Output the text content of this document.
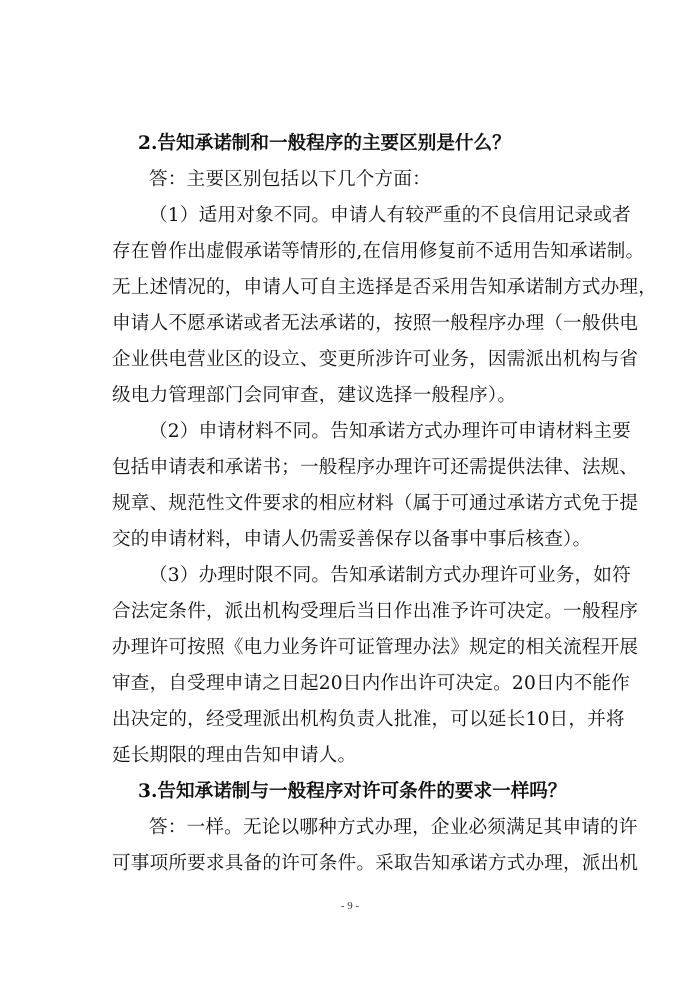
2.告知承诺制和一般程序的主要区别是什么？
答：主要区别包括以下几个方面：
（1）适用对象不同。申请人有较严重的不良信用记录或者
存在曾作出虚假承诺等情形的,在信用修复前不适用告知承诺制。
无上述情况的，申请人可自主选择是否采用告知承诺制方式办理，
申请人不愿承诺或者无法承诺的，按照一般程序办理（一般供电
企业供电营业区的设立、变更所涉许可业务，因需派出机构与省
级电力管理部门会同审查，建议选择一般程序）。
（2）申请材料不同。告知承诺方式办理许可申请材料主要
包括申请表和承诺书；一般程序办理许可还需提供法律、法规、
规章、规范性文件要求的相应材料（属于可通过承诺方式免于提
交的申请材料，申请人仍需妥善保存以备事中事后核查）。
（3）办理时限不同。告知承诺制方式办理许可业务，如符
合法定条件，派出机构受理后当日作出准予许可决定。一般程序
办理许可按照《电力业务许可证管理办法》规定的相关流程开展
审查，自受理申请之日起20日内作出许可决定。20日内不能作
出决定的，经受理派出机构负责人批准，可以延长10日，并将
延长期限的理由告知申请人。
3.告知承诺制与一般程序对许可条件的要求一样吗？
答：一样。无论以哪种方式办理，企业必须满足其申请的许
可事项所要求具备的许可条件。采取告知承诺方式办理，派出机
- 9 -
